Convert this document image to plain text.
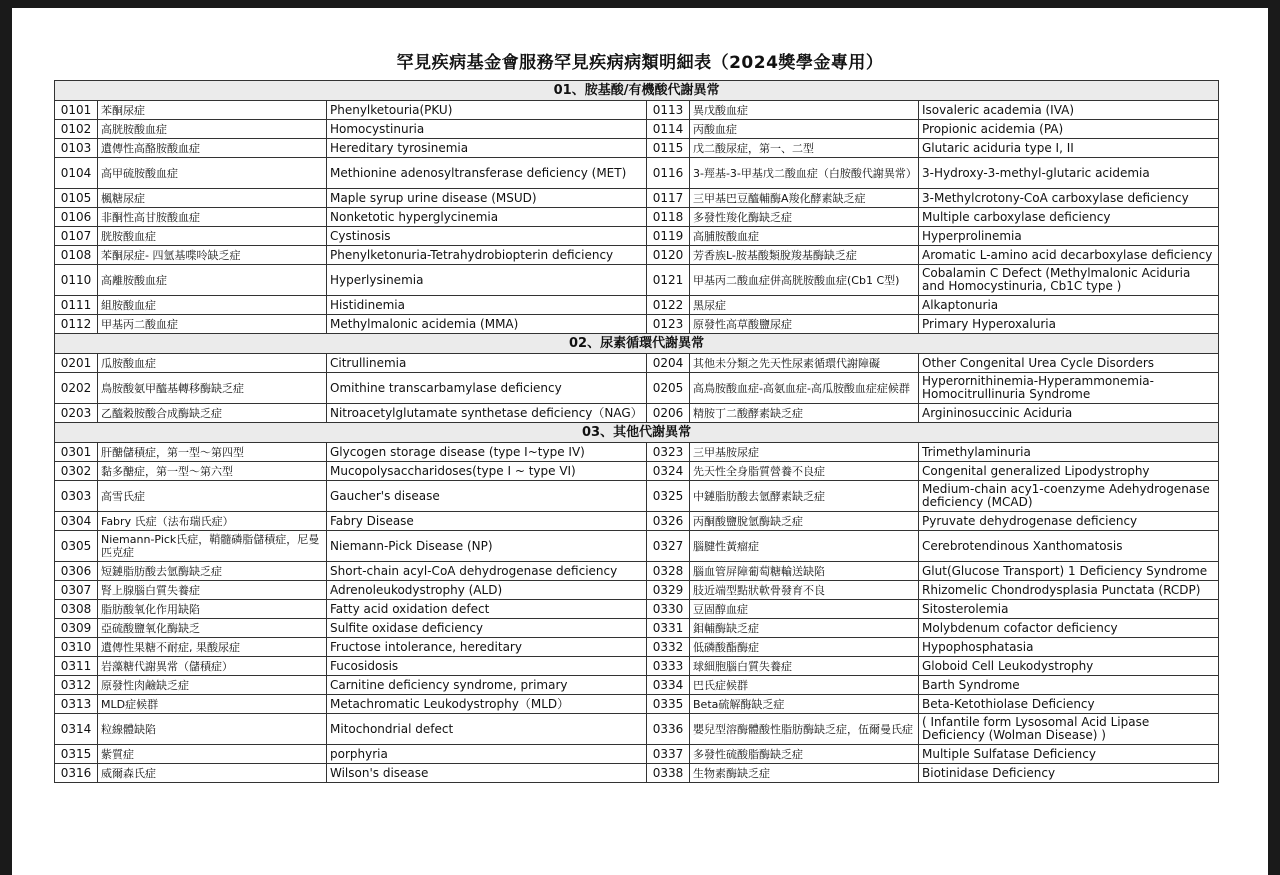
罕見疾病基金會服務罕見疾病病類明細表（2024獎學金專用）
01、胺基酸/有機酸代謝異常					
0101	苯酮尿症	Phenylketouria(PKU)	0113	異戊酸血症	Isovaleric academia (IVA)
0102	高胱胺酸血症	Homocystinuria	0114	丙酸血症	Propionic acidemia (PA)
0103	遺傳性高酪胺酸血症	Hereditary tyrosinemia	0115	戊二酸尿症，第一、二型	Glutaric aciduria type I, II
0104	高甲硫胺酸血症	Methionine adenosyltransferase deficiency (MET)	0116	3-羥基-3-甲基戊二酸血症（白胺酸代謝異常）	3-Hydroxy-3-methyl-glutaric acidemia
0105	楓糖尿症	Maple syrup urine disease (MSUD)	0117	三甲基巴豆醯輔酶A羧化酵素缺乏症	3-Methylcrotony-CoA carboxylase deficiency
0106	非酮性高甘胺酸血症	Nonketotic hyperglycinemia	0118	多發性羧化酶缺乏症	Multiple carboxylase deficiency
0107	胱胺酸血症	Cystinosis	0119	高脯胺酸血症	Hyperprolinemia
0108	苯酮尿症- 四氫基喋呤缺乏症	Phenylketonuria-Tetrahydrobiopterin deficiency	0120	芳香族L-胺基酸類脫羧基酶缺乏症	Aromatic L-amino acid decarboxylase deficiency
0110	高離胺酸血症	Hyperlysinemia	0121	甲基丙二酸血症併高胱胺酸血症(Cb1 C型)	Cobalamin C Defect (Methylmalonic Aciduria and Homocystinuria, Cb1C type )
0111	組胺酸血症	Histidinemia	0122	黑尿症	Alkaptonuria
0112	甲基丙二酸血症	Methylmalonic acidemia (MMA)	0123	原發性高草酸鹽尿症	Primary Hyperoxaluria
02、尿素循環代謝異常					
0201	瓜胺酸血症	Citrullinemia	0204	其他未分類之先天性尿素循環代謝障礙	Other Congenital Urea Cycle Disorders
0202	鳥胺酸氨甲醯基轉移酶缺乏症	Omithine transcarbamylase deficiency	0205	高鳥胺酸血症-高氨血症-高瓜胺酸血症症候群	Hyperornithinemia-Hyperammonemia-Homocitrullinuria Syndrome
0203	乙醯穀胺酸合成酶缺乏症	Nitroacetylglutamate synthetase deficiency（NAG）	0206	精胺丁二酸酵素缺乏症	Argininosuccinic Aciduria
03、其他代謝異常					
0301	肝醣儲積症，第一型～第四型	Glycogen storage disease (type I~type IV)	0323	三甲基胺尿症	Trimethylaminuria
0302	黏多醣症，第一型～第六型	Mucopolysaccharidoses(type I ~ type VI)	0324	先天性全身脂質營養不良症	Congenital generalized Lipodystrophy
0303	高雪氏症	Gaucher's disease	0325	中鏈脂肪酸去氫酵素缺乏症	Medium-chain acy1-coenzyme Adehydrogenase deficiency (MCAD)
0304	Fabry 氏症（法布瑞氏症）	Fabry Disease	0326	丙酮酸鹽脫氫酶缺乏症	Pyruvate dehydrogenase deficiency
0305	Niemann-Pick氏症，鞘髓磷脂儲積症，尼曼匹克症	Niemann-Pick Disease (NP)	0327	腦腱性黃瘤症	Cerebrotendinous Xanthomatosis
0306	短鏈脂肪酸去氫酶缺乏症	Short-chain acyl-CoA dehydrogenase deficiency	0328	腦血管屏障葡萄糖輸送缺陷	Glut(Glucose Transport) 1 Deficiency Syndrome
0307	腎上腺腦白質失養症	Adrenoleukodystrophy (ALD)	0329	肢近端型點狀軟骨發育不良	Rhizomelic Chondrodysplasia Punctata (RCDP)
0308	脂肪酸氧化作用缺陷	Fatty acid oxidation defect	0330	豆固醇血症	Sitosterolemia
0309	亞硫酸鹽氧化酶缺乏	Sulfite oxidase deficiency	0331	鉬輔酶缺乏症	Molybdenum cofactor deficiency
0310	遺傳性果糖不耐症, 果酸尿症	Fructose intolerance, hereditary	0332	低磷酸酯酶症	Hypophosphatasia
0311	岩藻糖代謝異常（儲積症）	Fucosidosis	0333	球細胞腦白質失養症	Globoid Cell Leukodystrophy
0312	原發性肉鹼缺乏症	Carnitine deficiency syndrome, primary	0334	巴氏症候群	Barth Syndrome
0313	MLD症候群	Metachromatic Leukodystrophy（MLD）	0335	Beta硫解酶缺乏症	Beta-Ketothiolase Deficiency
0314	粒線體缺陷	Mitochondrial defect	0336	嬰兒型溶酶體酸性脂肪酶缺乏症，伍爾曼氏症	( Infantile form Lysosomal Acid Lipase Deficiency (Wolman Disease) )
0315	紫質症	porphyria	0337	多發性硫酸脂酶缺乏症	Multiple Sulfatase Deficiency
0316	威爾森氏症	Wilson's disease	0338	生物素酶缺乏症	Biotinidase Deficiency
